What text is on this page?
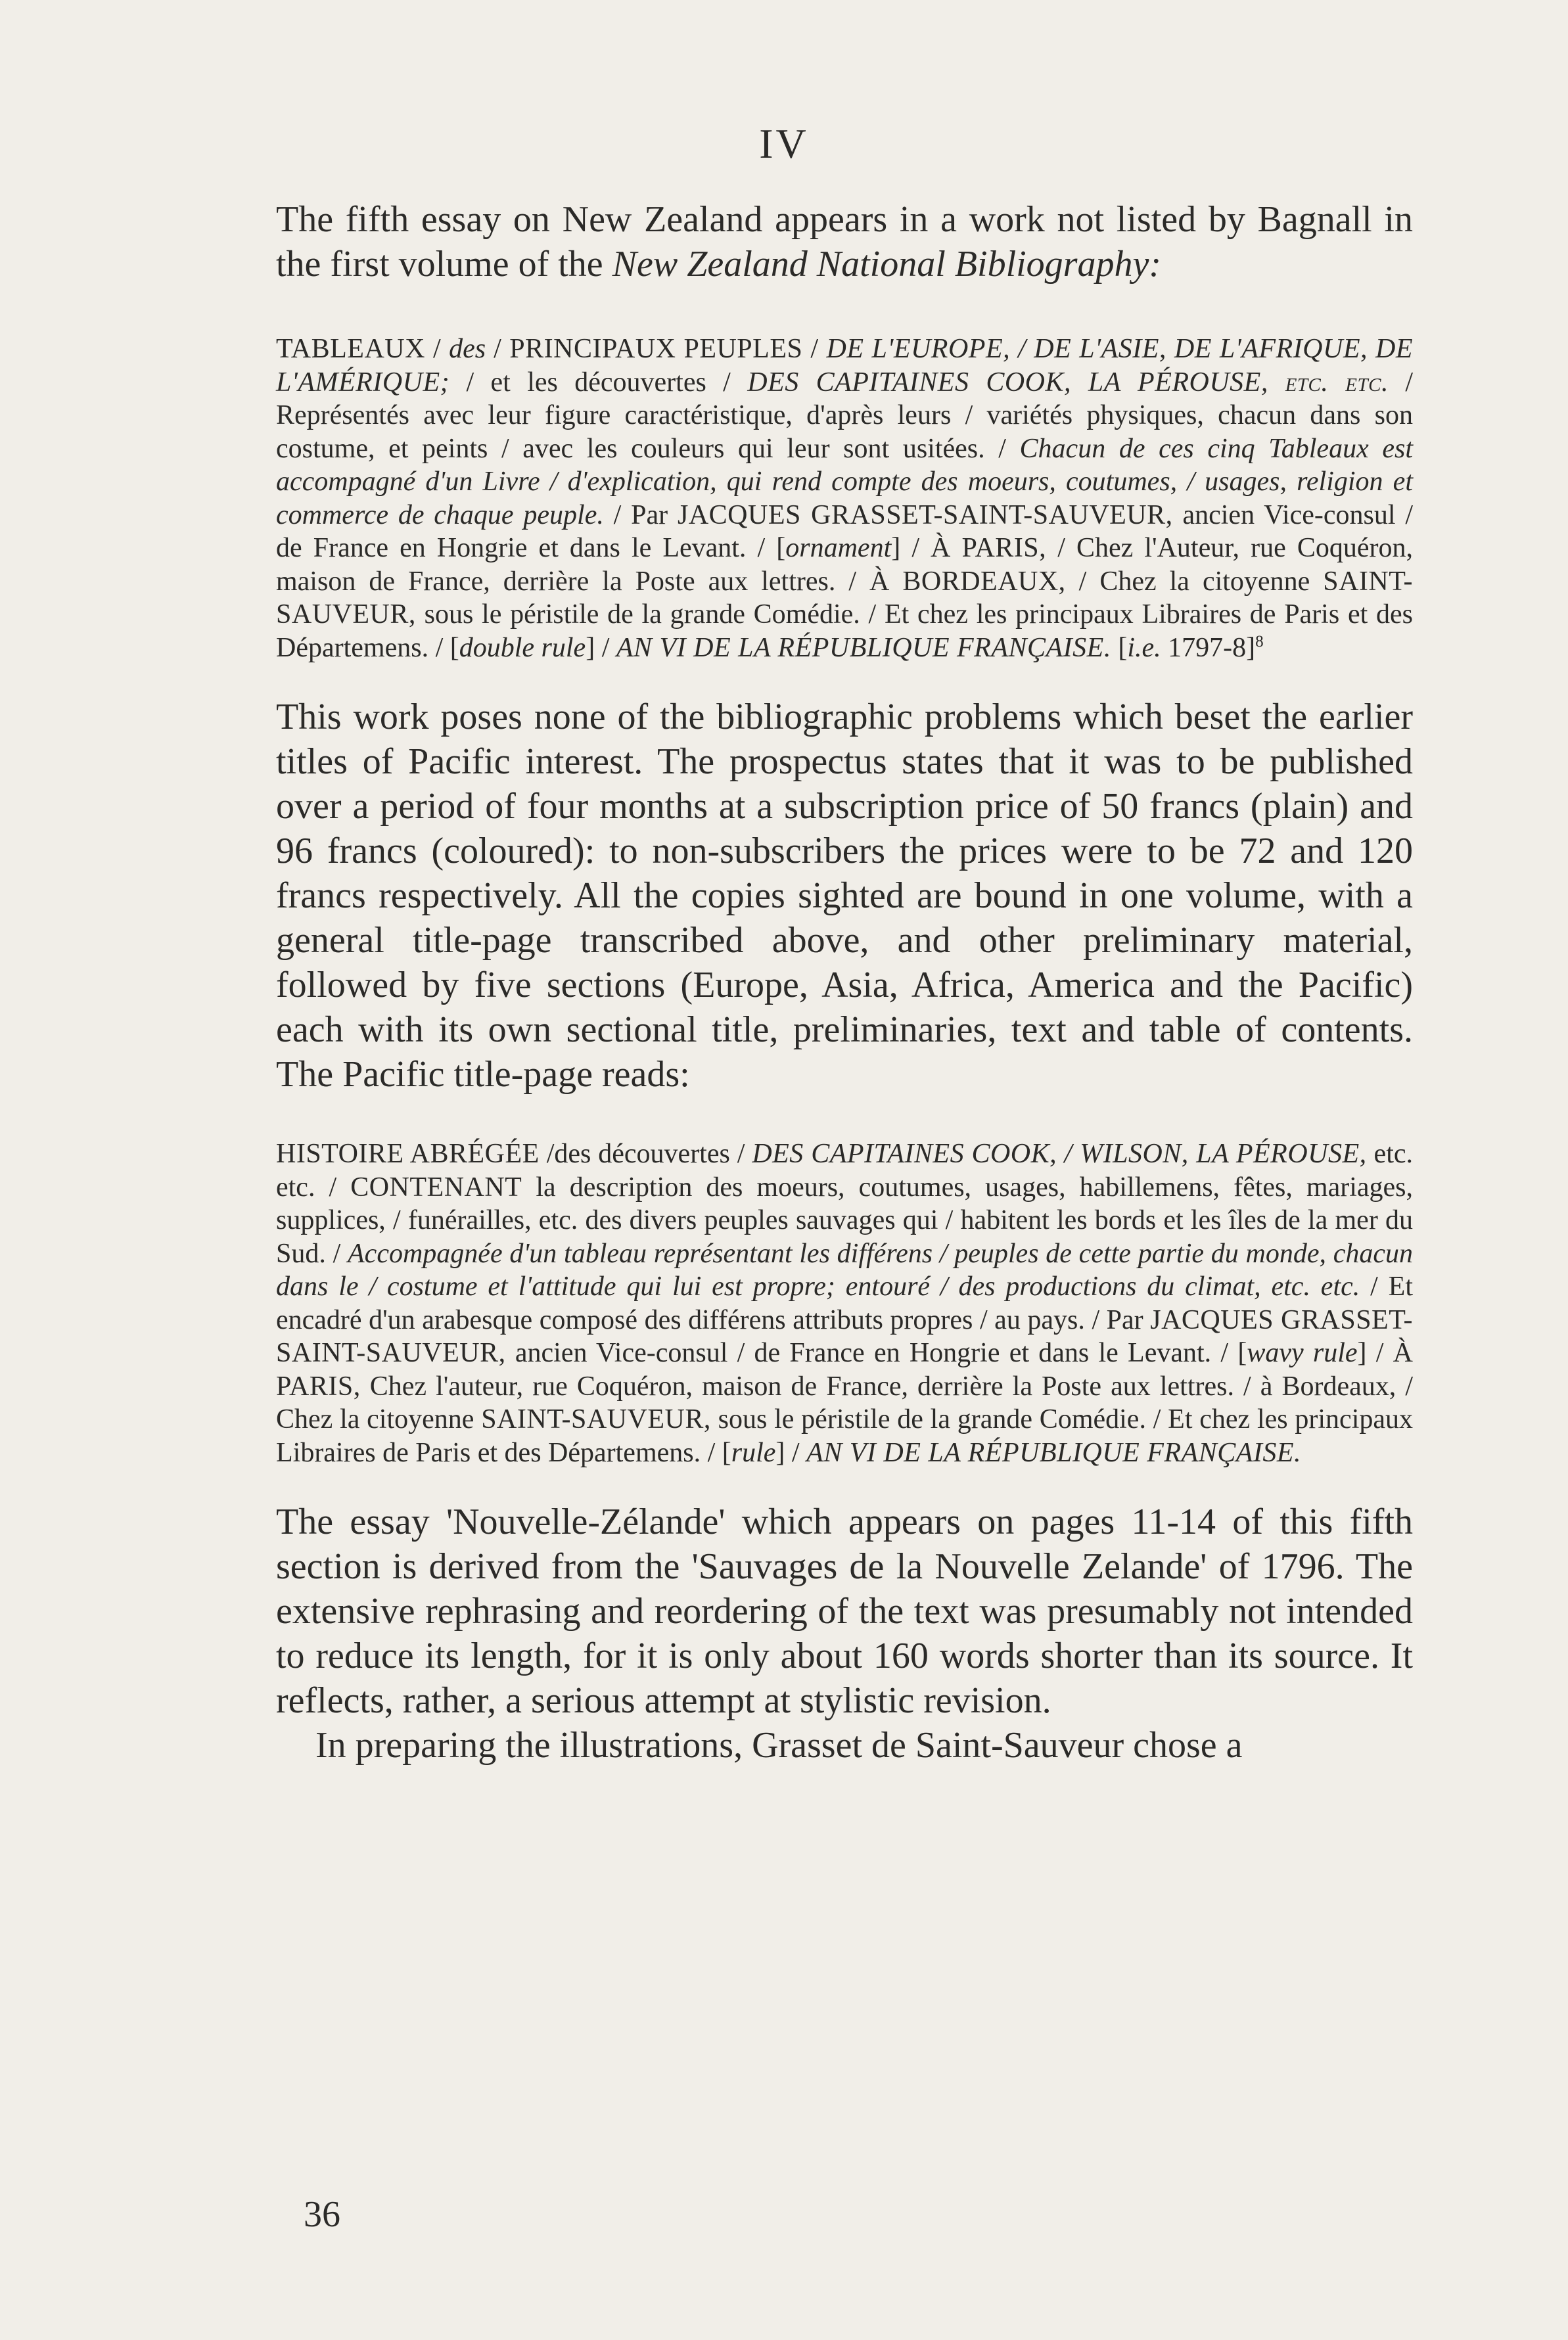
IV

The fifth essay on New Zealand appears in a work not listed by Bagnall in the first volume of the New Zealand National Bibliography:

TABLEAUX / des / PRINCIPAUX PEUPLES / DE L'EUROPE, / DE L'ASIE, DE L'AFRIQUE, DE L'AMÉRIQUE; / et les découvertes / DES CAPITAINES COOK, LA PÉROUSE, etc. etc. / Représentés avec leur figure caractéristique, d'après leurs / variétés physiques, chacun dans son costume, et peints / avec les couleurs qui leur sont usitées. / Chacun de ces cinq Tableaux est accompagné d'un Livre / d'explication, qui rend compte des moeurs, coutumes, / usages, religion et commerce de chaque peuple. / Par JACQUES GRASSET-SAINT-SAUVEUR, ancien Vice-consul / de France en Hongrie et dans le Levant. / [ornament] / À PARIS, / Chez l'Auteur, rue Coquéron, maison de France, derrière la Poste aux lettres. / À BORDEAUX, / Chez la citoyenne SAINT-SAUVEUR, sous le péristile de la grande Comédie. / Et chez les principaux Libraires de Paris et des Départemens. / [double rule] / AN VI DE LA RÉPUBLIQUE FRANÇAISE. [i.e. 1797-8]$^8$

This work poses none of the bibliographic problems which beset the earlier titles of Pacific interest. The prospectus states that it was to be published over a period of four months at a subscription price of 50 francs (plain) and 96 francs (coloured): to non-subscribers the prices were to be 72 and 120 francs respectively. All the copies sighted are bound in one volume, with a general title-page transcribed above, and other preliminary material, followed by five sections (Europe, Asia, Africa, America and the Pacific) each with its own sectional title, preliminaries, text and table of contents. The Pacific title-page reads:

HISTOIRE ABRÉGÉE /des découvertes / DES CAPITAINES COOK, / WILSON, LA PÉROUSE, etc. etc. / CONTENANT la description des moeurs, coutumes, usages, habillemens, fêtes, mariages, supplices, / funérailles, etc. des divers peuples sauvages qui / habitent les bords et les îles de la mer du Sud. / Accompagnée d'un tableau représentant les différens / peuples de cette partie du monde, chacun dans le / costume et l'attitude qui lui est propre; entouré / des productions du climat, etc. etc. / Et encadré d'un arabesque composé des différens attributs propres / au pays. / Par JACQUES GRASSET-SAINT-SAUVEUR, ancien Vice-consul / de France en Hongrie et dans le Levant. / [wavy rule] / À PARIS, Chez l'auteur, rue Coquéron, maison de France, derrière la Poste aux lettres. / à Bordeaux, / Chez la citoyenne SAINT-SAUVEUR, sous le péristile de la grande Comédie. / Et chez les principaux Libraires de Paris et des Départemens. / [rule] / AN VI DE LA RÉPUBLIQUE FRANÇAISE.

The essay 'Nouvelle-Zélande' which appears on pages 11-14 of this fifth section is derived from the 'Sauvages de la Nouvelle Zelande' of 1796. The extensive rephrasing and reordering of the text was presumably not intended to reduce its length, for it is only about 160 words shorter than its source. It reflects, rather, a serious attempt at stylistic revision.

In preparing the illustrations, Grasset de Saint-Sauveur chose a

36
